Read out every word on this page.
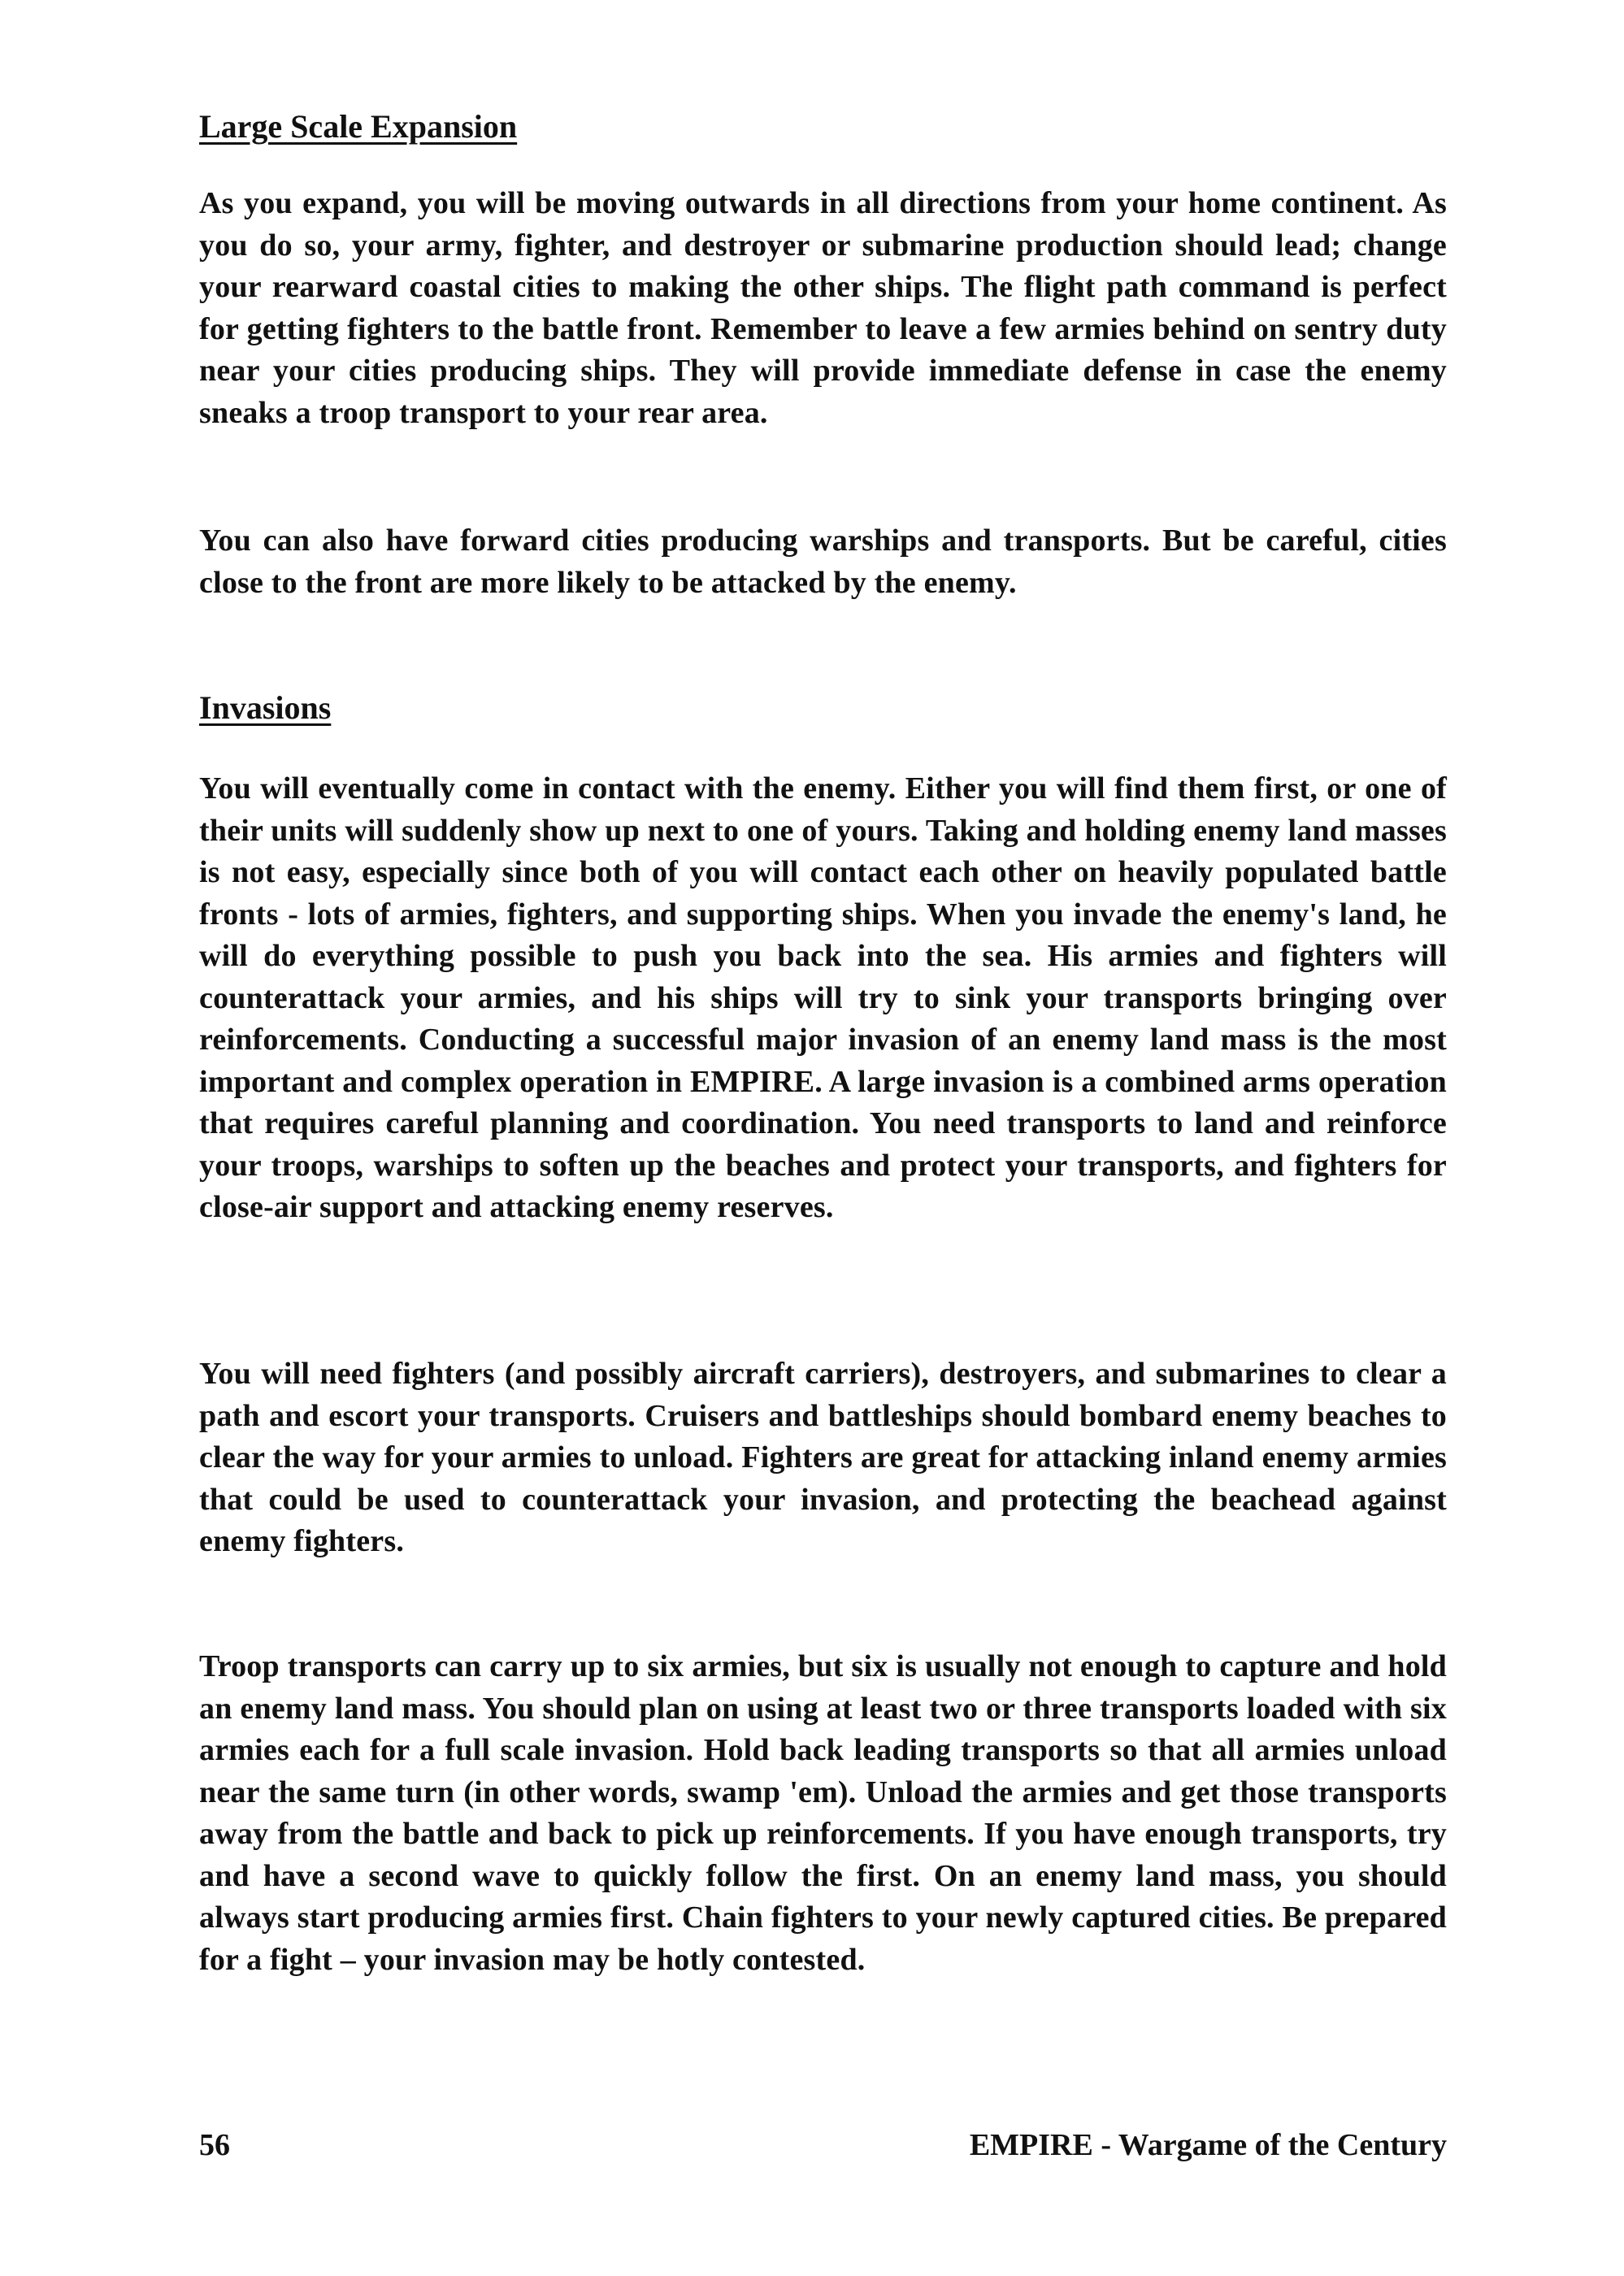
Large Scale Expansion

As you expand, you will be moving outwards in all directions from your home continent. As you do so, your army, fighter, and destroyer or submarine production should lead; change your rearward coastal cities to making the other ships. The flight path command is perfect for getting fighters to the battle front. Remember to leave a few armies behind on sentry duty near your cities producing ships. They will provide immediate defense in case the enemy sneaks a troop transport to your rear area.

You can also have forward cities producing warships and transports. But be careful, cities close to the front are more likely to be attacked by the enemy.

Invasions

You will eventually come in contact with the enemy. Either you will find them first, or one of their units will suddenly show up next to one of yours. Taking and holding enemy land masses is not easy, especially since both of you will contact each other on heavily populated battle fronts - lots of armies, fighters, and supporting ships. When you invade the enemy's land, he will do everything possible to push you back into the sea. His armies and fighters will counterattack your armies, and his ships will try to sink your transports bringing over reinforcements. Conducting a successful major invasion of an enemy land mass is the most important and complex operation in EMPIRE. A large invasion is a combined arms operation that requires careful planning and coordination. You need transports to land and reinforce your troops, warships to soften up the beaches and protect your transports, and fighters for close-air support and attacking enemy reserves.

You will need fighters (and possibly aircraft carriers), destroyers, and submarines to clear a path and escort your transports. Cruisers and battleships should bombard enemy beaches to clear the way for your armies to unload. Fighters are great for attacking inland enemy armies that could be used to counterattack your invasion, and protecting the beachead against enemy fighters.

Troop transports can carry up to six armies, but six is usually not enough to capture and hold an enemy land mass. You should plan on using at least two or three transports loaded with six armies each for a full scale invasion. Hold back leading transports so that all armies unload near the same turn (in other words, swamp 'em). Unload the armies and get those transports away from the battle and back to pick up reinforcements. If you have enough transports, try and have a second wave to quickly follow the first. On an enemy land mass, you should always start producing armies first. Chain fighters to your newly captured cities. Be prepared for a fight – your invasion may be hotly contested.

56	EMPIRE - Wargame of the Century
